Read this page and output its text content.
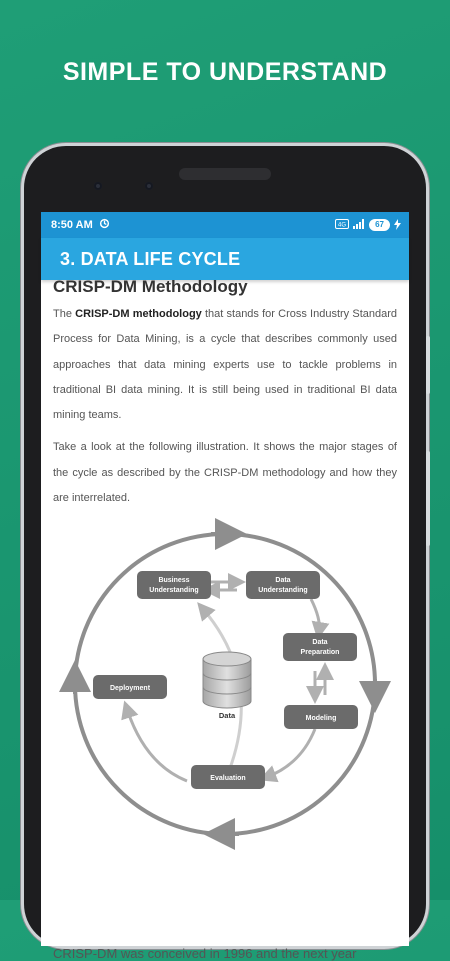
SIMPLE TO UNDERSTAND
8:50 AM	4G	67
3. DATA LIFE CYCLE
CRISP-DM Methodology

The CRISP-DM methodology that stands for Cross Industry Standard Process for Data Mining, is a cycle that describes commonly used approaches that data mining experts use to tackle problems in traditional BI data mining. It is still being used in traditional BI data mining teams.

Take a look at the following illustration. It shows the major stages of the cycle as described by the CRISP-DM methodology and how they are interrelated.

Business
Understanding
Data
Understanding
Data
Preparation
Modeling
Evaluation
Deployment
Data
CRISP-DM was conceived in 1996 and the next year
